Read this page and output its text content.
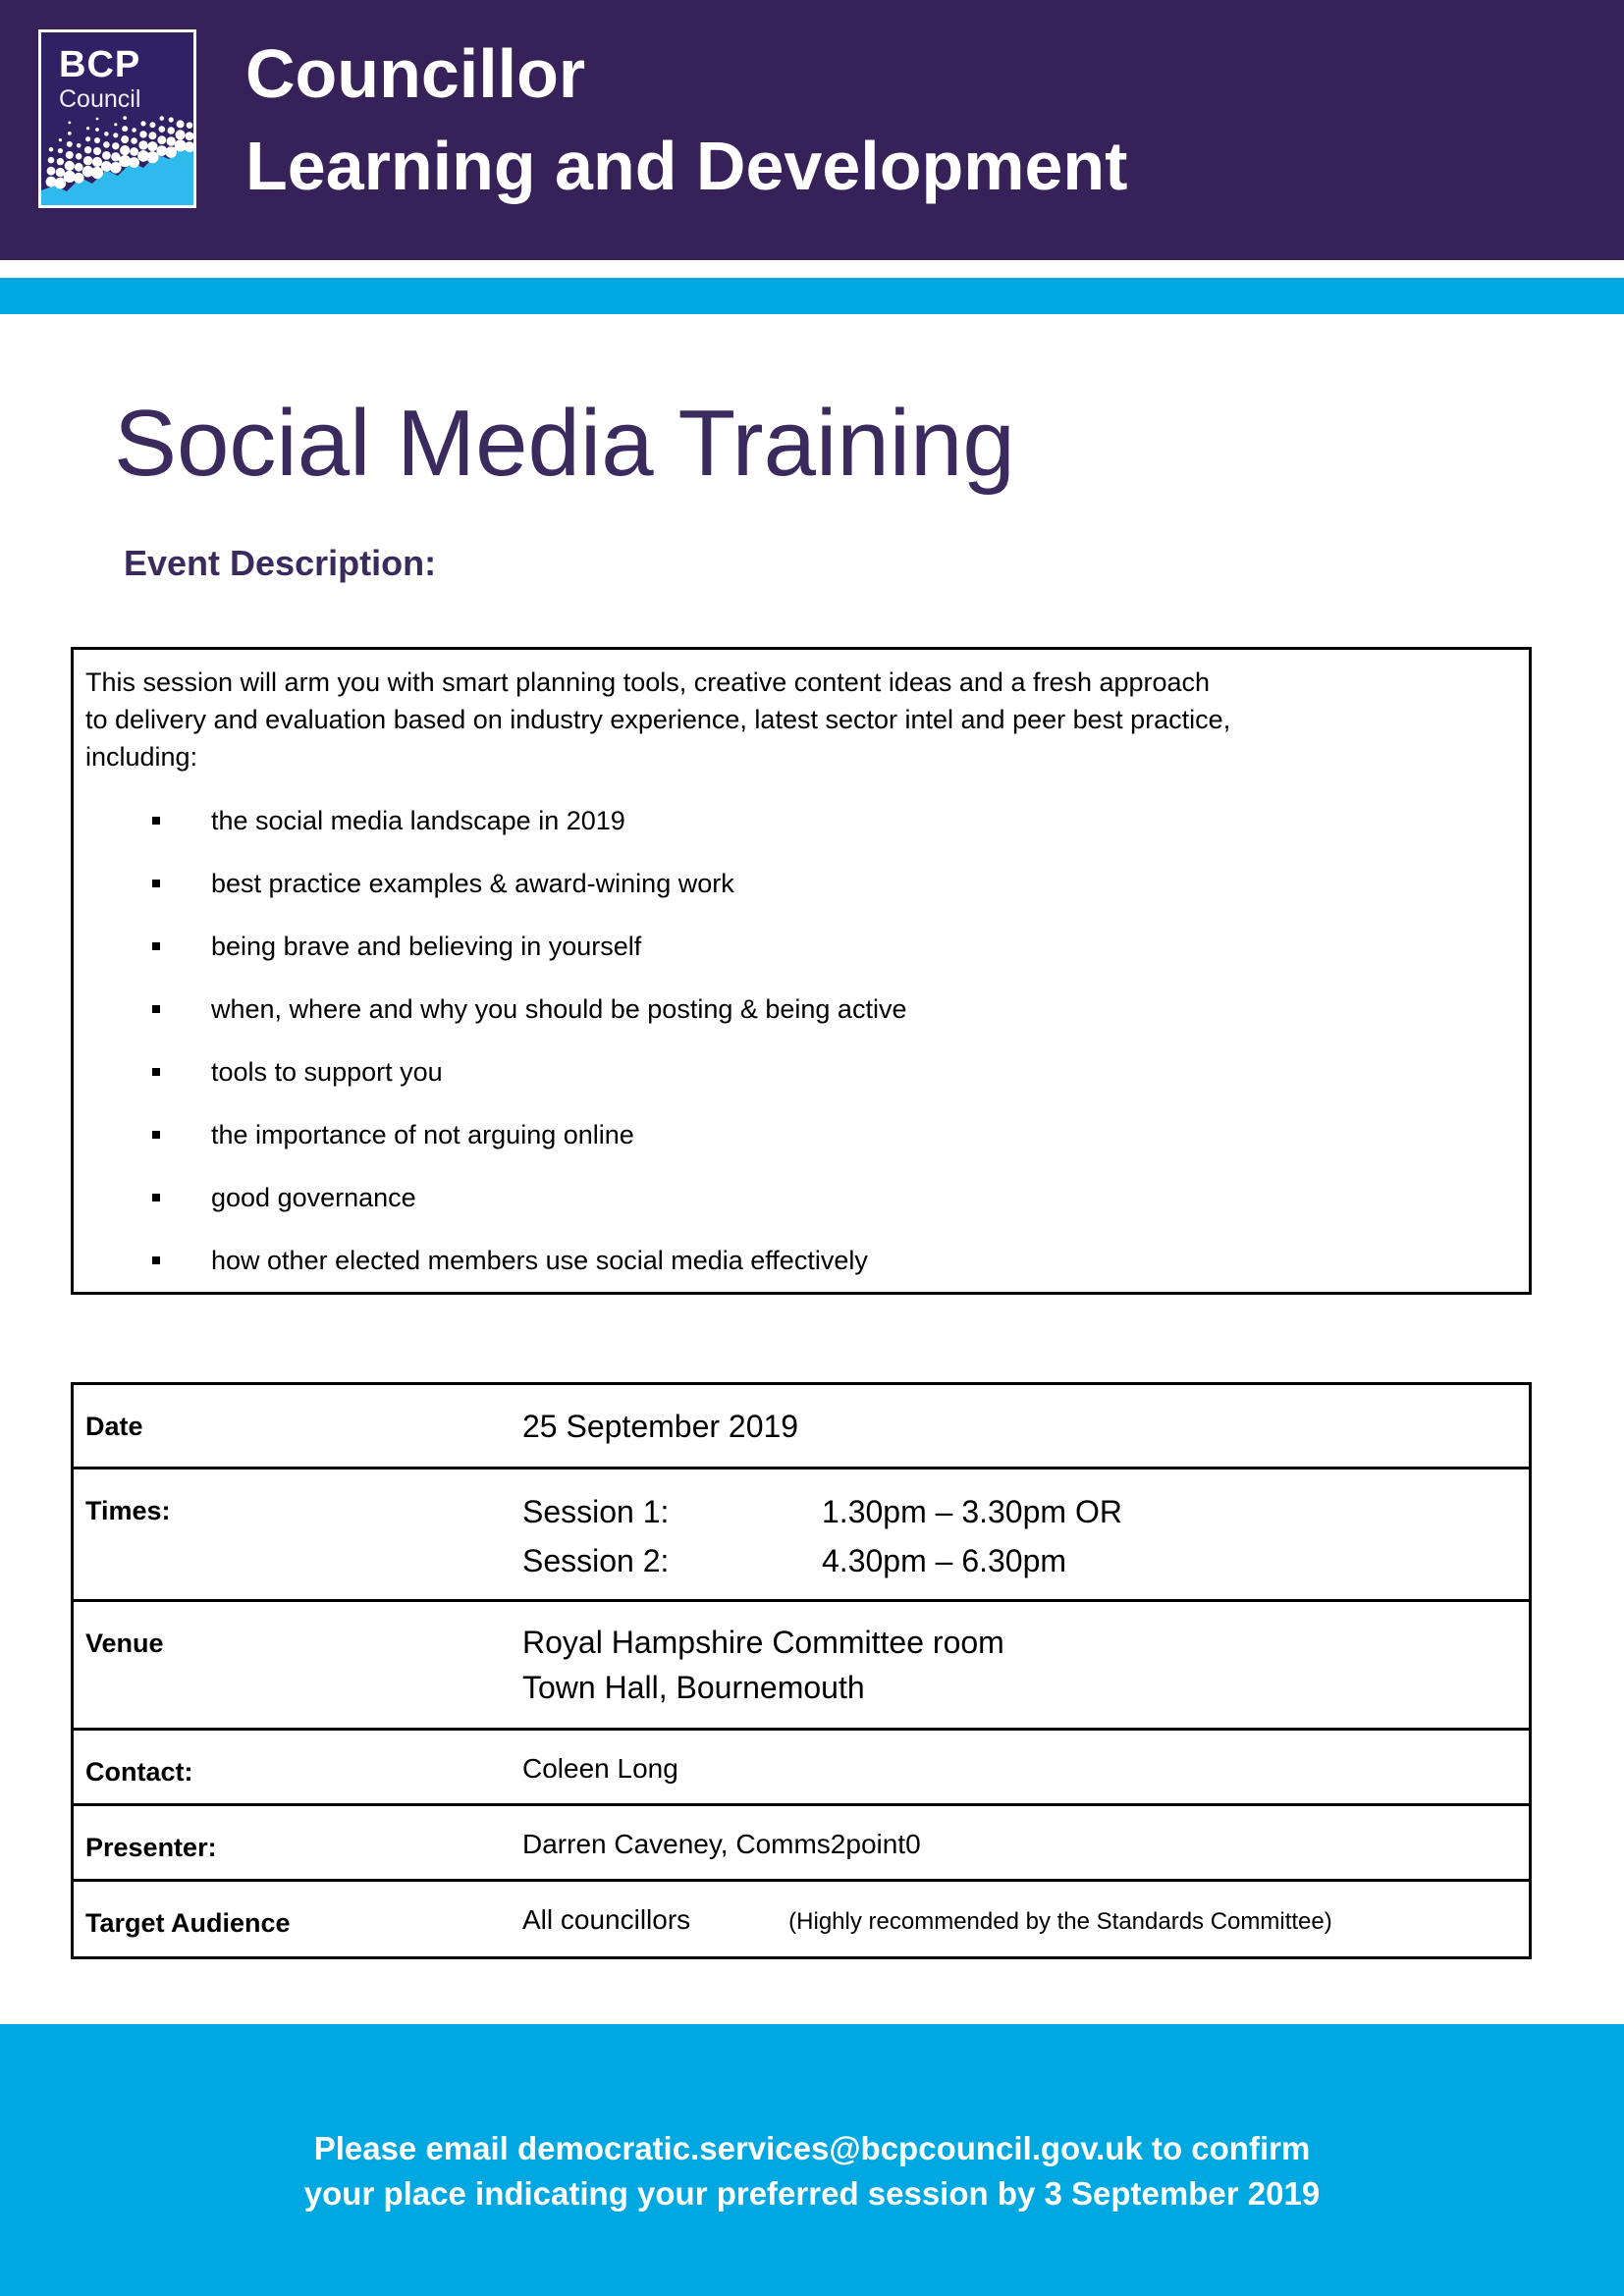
BCP
Council	Councillor
Learning and Development
Social Media Training
Event Description:
This session will arm you with smart planning tools, creative content ideas and a fresh approach
to delivery and evaluation based on industry experience, latest sector intel and peer best practice,
including:
the social media landscape in 2019
best practice examples & award-wining work
being brave and believing in yourself
when, where and why you should be posting & being active
tools to support you
the importance of not arguing online
good governance
how other elected members use social media effectively
Date	25 September 2019
Times:	Session 1:	1.30pm – 3.30pm OR
Session 2:	4.30pm – 6.30pm
Venue	Royal Hampshire Committee room
Town Hall, Bournemouth
Contact:	Coleen Long
Presenter:	Darren Caveney, Comms2point0
Target Audience	All councillors	(Highly recommended by the Standards Committee)
Please email democratic.services@bcpcouncil.gov.uk to confirm
your place indicating your preferred session by 3 September 2019
